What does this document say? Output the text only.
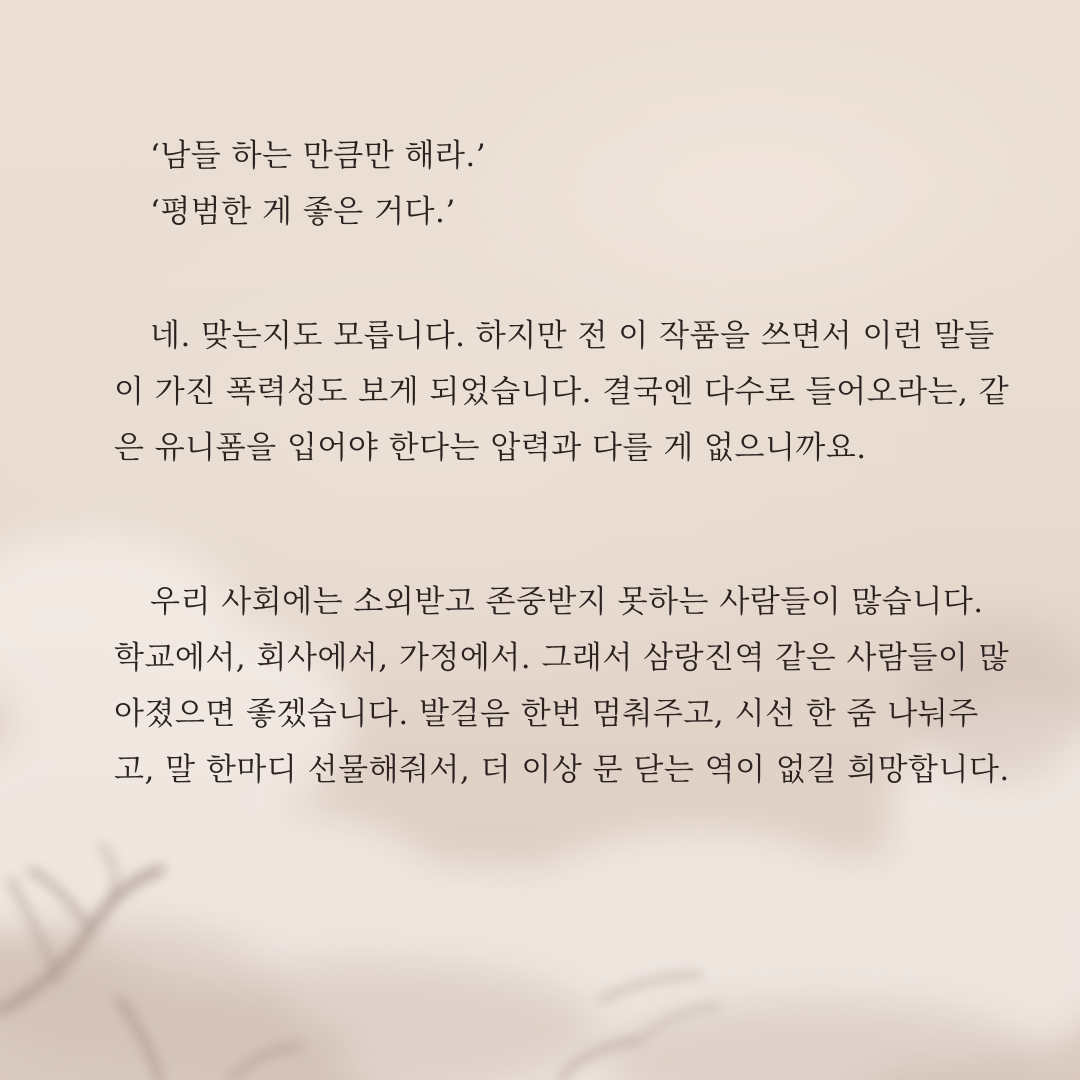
‘남들 하는 만큼만 해라.’
‘평범한 게 좋은 거다.’
네. 맞는지도 모릅니다. 하지만 전 이 작품을 쓰면서 이런 말들
이 가진 폭력성도 보게 되었습니다. 결국엔 다수로 들어오라는, 같
은 유니폼을 입어야 한다는 압력과 다를 게 없으니까요.
우리 사회에는 소외받고 존중받지 못하는 사람들이 많습니다.
학교에서, 회사에서, 가정에서. 그래서 삼랑진역 같은 사람들이 많
아졌으면 좋겠습니다. 발걸음 한번 멈춰주고, 시선 한 줌 나눠주
고, 말 한마디 선물해줘서, 더 이상 문 닫는 역이 없길 희망합니다.
